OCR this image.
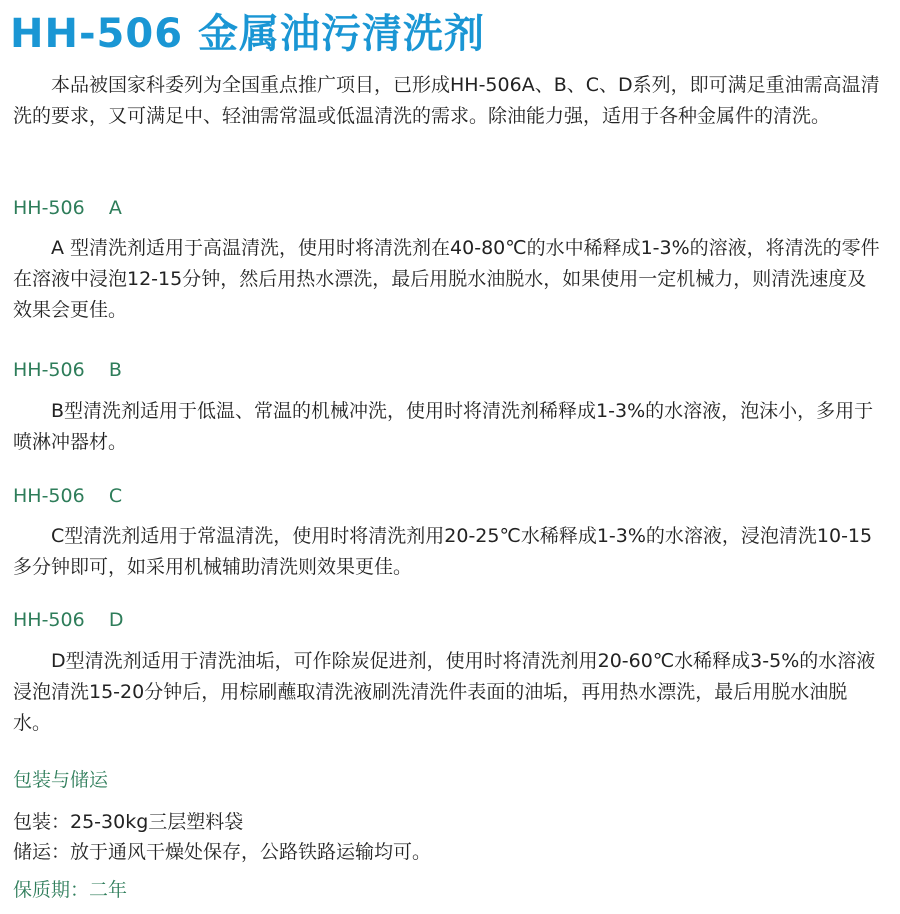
HH-506 金属油污清洗剂

本品被国家科委列为全国重点推广项目，已形成HH-506A、B、C、D系列，即可满足重油需高温清洗的要求，又可满足中、轻油需常温或低温清洗的需求。除油能力强，适用于各种金属件的清洗。

HH-506    A

A 型清洗剂适用于高温清洗，使用时将清洗剂在40-80℃的水中稀释成1-3%的溶液，将清洗的零件在溶液中浸泡12-15分钟，然后用热水漂洗，最后用脱水油脱水，如果使用一定机械力，则清洗速度及效果会更佳。

HH-506    B

B型清洗剂适用于低温、常温的机械冲洗，使用时将清洗剂稀释成1-3%的水溶液，泡沫小，多用于喷淋冲器材。

HH-506    C

C型清洗剂适用于常温清洗，使用时将清洗剂用20-25℃水稀释成1-3%的水溶液，浸泡清洗10-15多分钟即可，如采用机械辅助清洗则效果更佳。

HH-506    D

D型清洗剂适用于清洗油垢，可作除炭促进剂，使用时将清洗剂用20-60℃水稀释成3-5%的水溶液浸泡清洗15-20分钟后，用棕刷蘸取清洗液刷洗清洗件表面的油垢，再用热水漂洗，最后用脱水油脱水。

包装与储运

包装：25-30kg三层塑料袋

储运：放于通风干燥处保存，公路铁路运输均可。

保质期：二年
